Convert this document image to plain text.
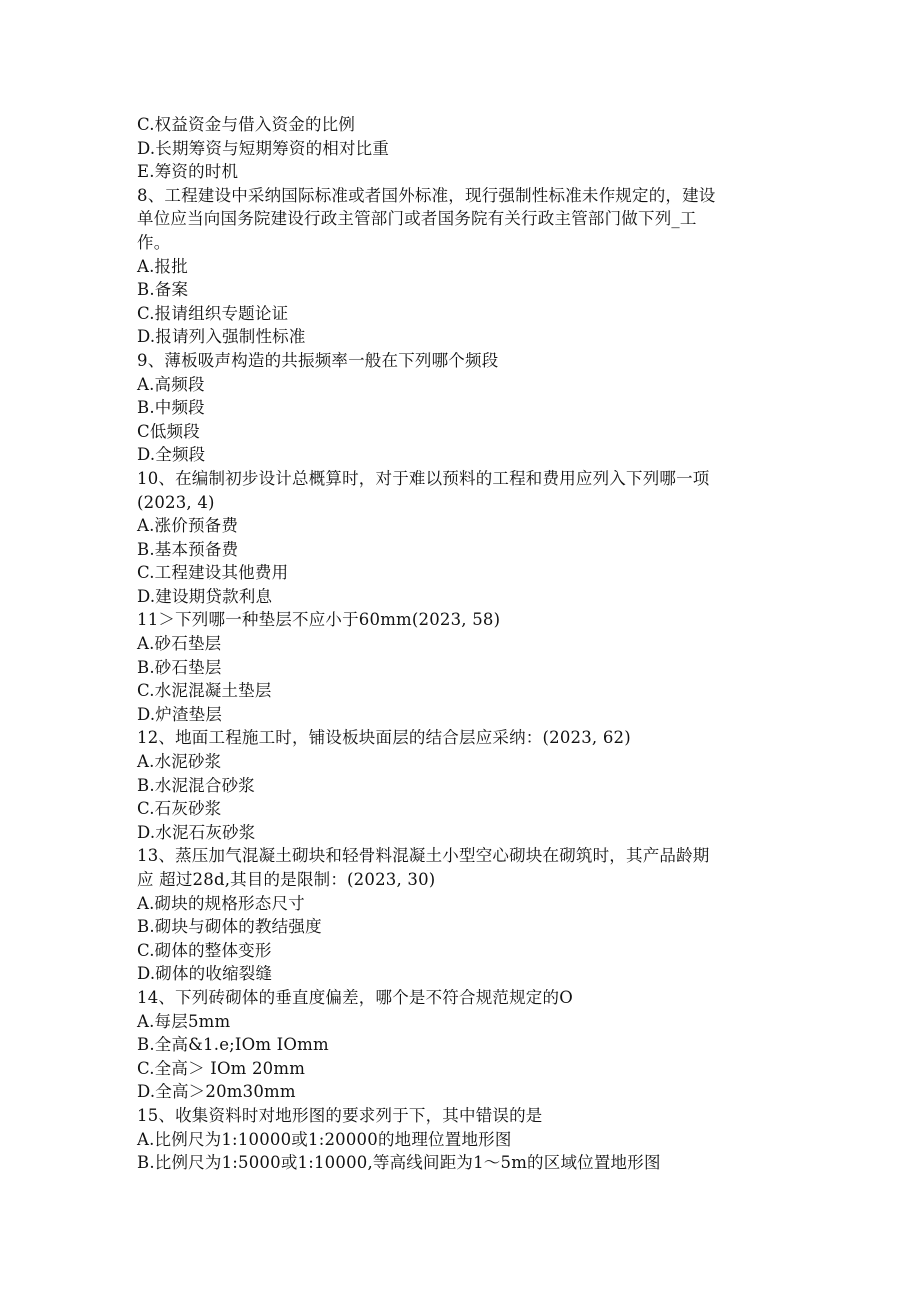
C.权益资金与借入资金的比例
D.长期筹资与短期筹资的相对比重
E.筹资的时机
8、工程建设中采纳国际标准或者国外标准，现行强制性标准未作规定的，建设
单位应当向国务院建设行政主管部门或者国务院有关行政主管部门做下列_工
作。
A.报批
B.备案
C.报请组织专题论证
D.报请列入强制性标准
9、薄板吸声构造的共振频率一般在下列哪个频段
A.高频段
B.中频段
C低频段
D.全频段
10、在编制初步设计总概算时，对于难以预料的工程和费用应列入下列哪一项
(2023, 4)
A.涨价预备费
B.基本预备费
C.工程建设其他费用
D.建设期贷款利息
11＞下列哪一种垫层不应小于60mm(2023, 58)
A.砂石垫层
B.砂石垫层
C.水泥混凝土垫层
D.炉渣垫层
12、地面工程施工时，铺设板块面层的结合层应采纳：(2023, 62)
A.水泥砂浆
B.水泥混合砂浆
C.石灰砂浆
D.水泥石灰砂浆
13、蒸压加气混凝土砌块和轻骨料混凝土小型空心砌块在砌筑时，其产品龄期
应 超过28d,其目的是限制：(2023, 30)
A.砌块的规格形态尺寸
B.砌块与砌体的教结强度
C.砌体的整体变形
D.砌体的收缩裂缝
14、下列砖砌体的垂直度偏差，哪个是不符合规范规定的O
A.每层5mm
B.全高&1.e;IOm IOmm
C.全高＞ IOm 20mm
D.全高＞20m30mm
15、收集资料时对地形图的要求列于下，其中错误的是
A.比例尺为1:10000或1:20000的地理位置地形图
B.比例尺为1:5000或1:10000,等高线间距为1～5m的区域位置地形图
